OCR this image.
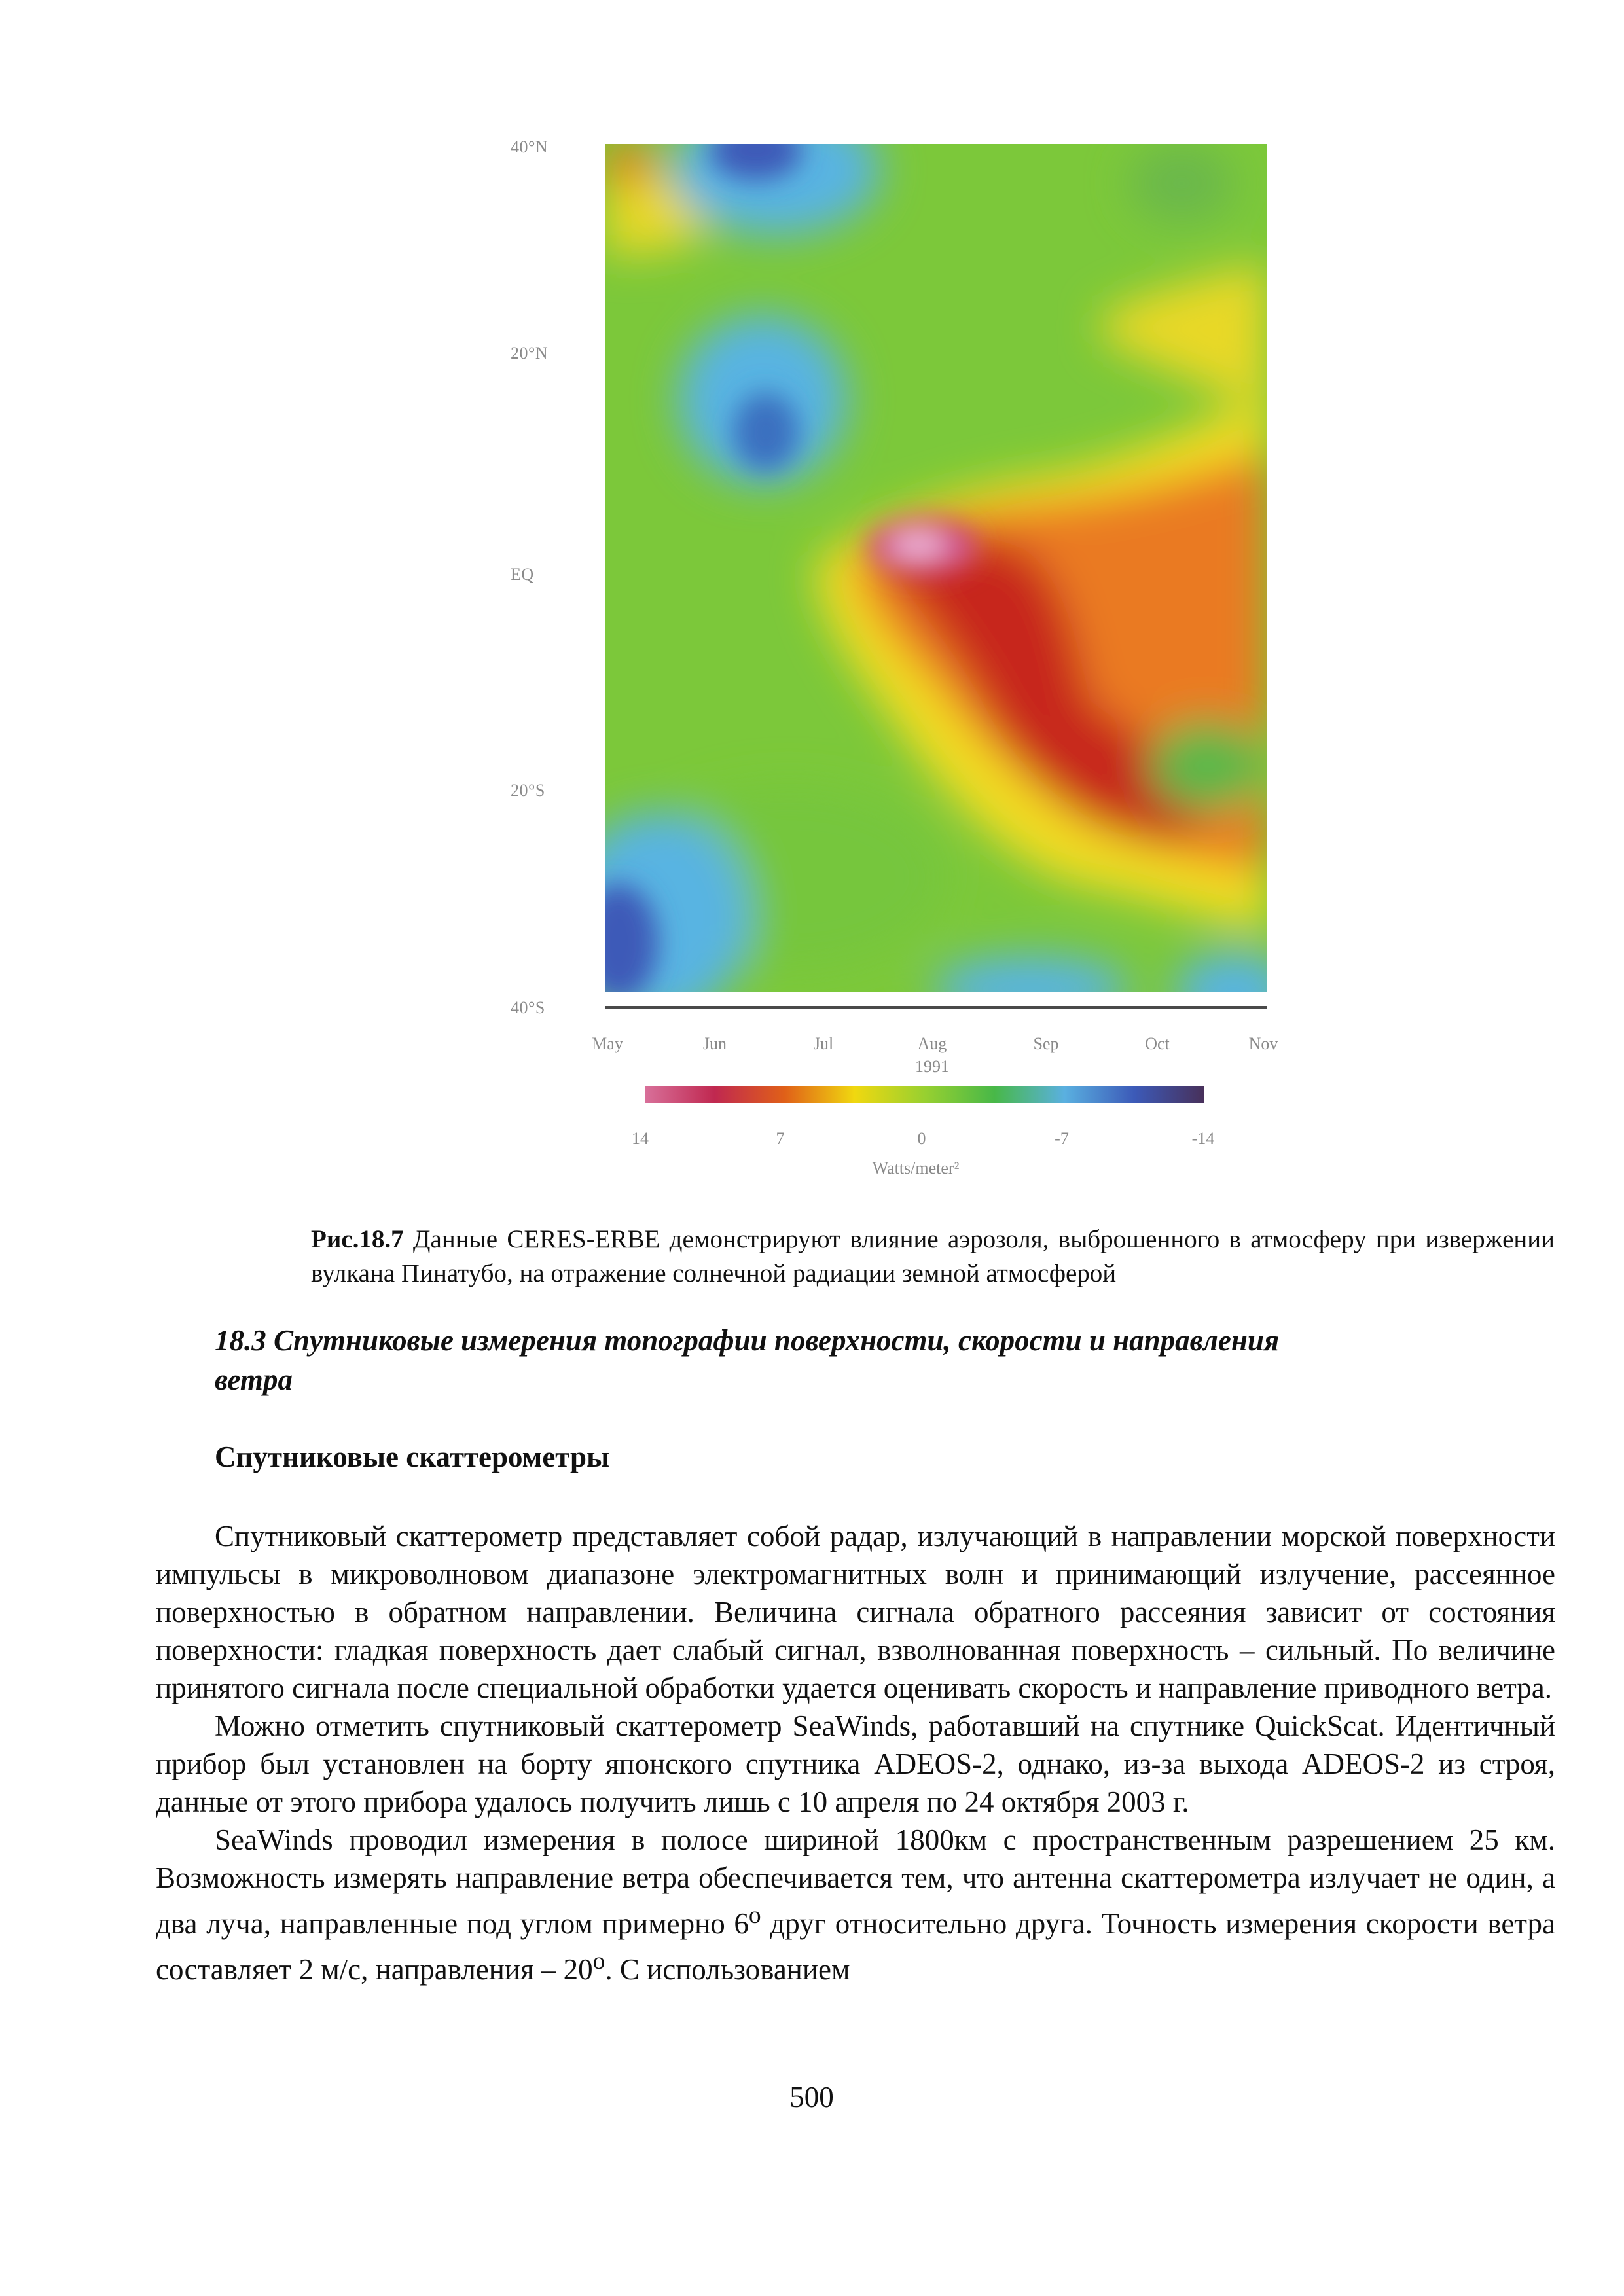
40°N
20°N
EQ
20°S
40°S
May	Jun	Jul	Aug	Sep	Oct	Nov
1991
14	7	0	-7	-14
Watts/meter²
Рис.18.7 Данные CERES-ERBE демонстрируют влияние аэрозоля, выброшенного в атмосферу при извержении вулкана Пинатубо, на отражение солнечной радиации земной атмосферой
18.3 Спутниковые измерения топографии поверхности, скорости и направления ветра
Спутниковые скаттерометры

Спутниковый скаттерометр представляет собой радар, излучающий в направлении морской поверхности импульсы в микроволновом диапазоне электромагнитных волн и принимающий излучение, рассеянное поверхностью в обратном направлении. Величина сигнала обратного рассеяния зависит от состояния поверхности: гладкая поверхность дает слабый сигнал, взволнованная поверхность – сильный. По величине принятого сигнала после специальной обработки удается оценивать скорость и направление приводного ветра.

Можно отметить спутниковый скаттерометр SeaWinds, работавший на спутнике QuickScat. Идентичный прибор был установлен на борту японского спутника ADEOS-2, однако, из-за выхода ADEOS-2 из строя, данные от этого прибора удалось получить лишь с 10 апреля по 24 октября 2003 г.

SeaWinds проводил измерения в полосе шириной 1800км с пространственным разрешением 25 км. Возможность измерять направление ветра обеспечивается тем, что антенна скаттерометра излучает не один, а два луча, направленные под углом примерно $6^о$ друг относительно друга. Точность измерения скорости ветра составляет 2 м/с, направления – $20^о$. С использованием

500
